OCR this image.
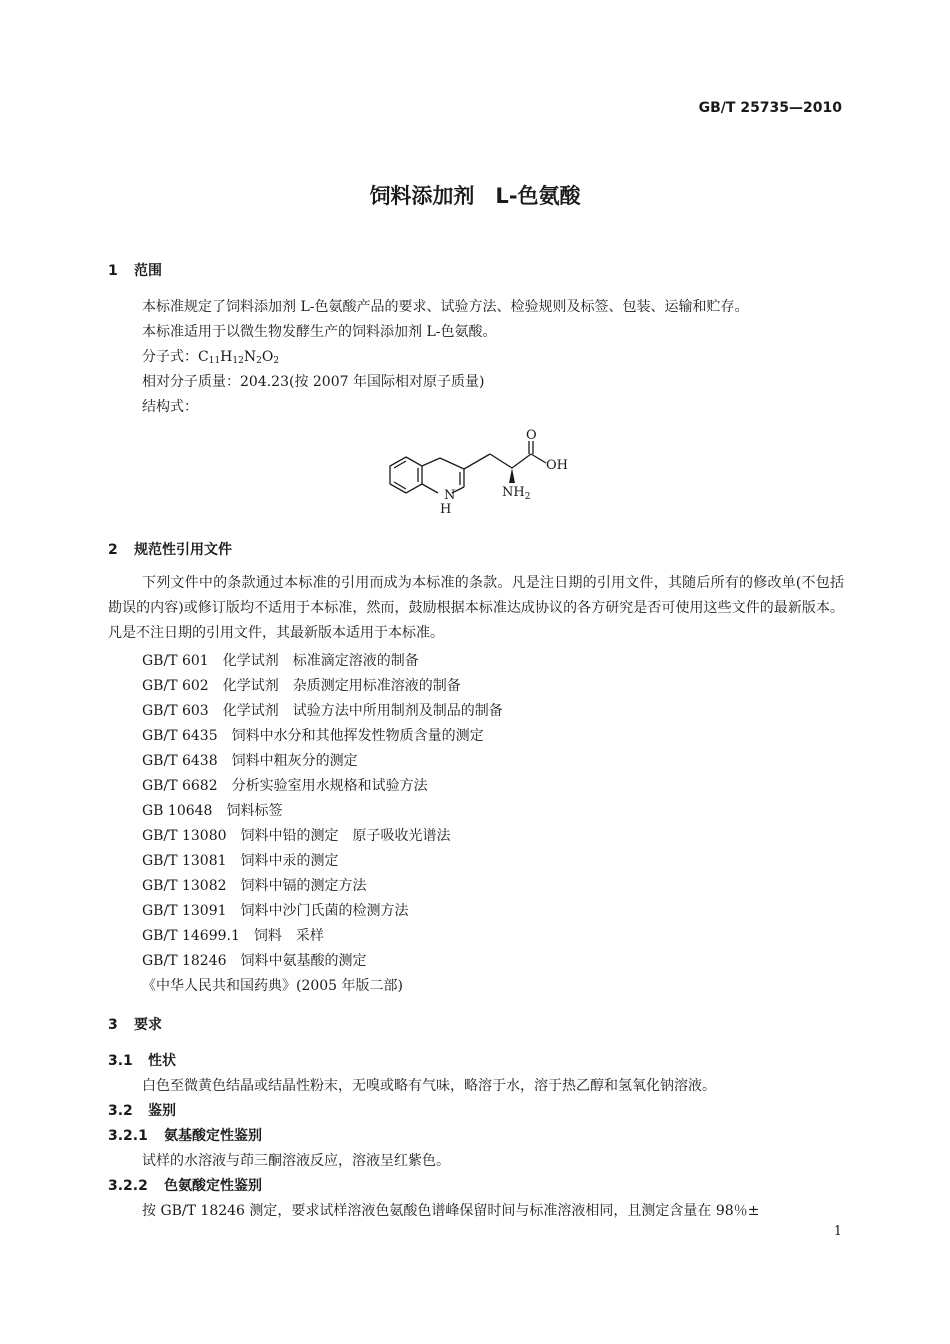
GB/T 25735—2010
饲料添加剂　L-色氨酸
1 范围
本标准规定了饲料添加剂 L-色氨酸产品的要求、试验方法、检验规则及标签、包装、运输和贮存。
本标准适用于以微生物发酵生产的饲料添加剂 L-色氨酸。
分子式：$C_{11}H_{12}N_2O_2$
相对分子质量：204.23(按 2007 年国际相对原子质量)
结构式：
N
H
O
OH
$NH_2$
2 规范性引用文件
下列文件中的条款通过本标准的引用而成为本标准的条款。凡是注日期的引用文件，其随后所有的修改单(不包括勘误的内容)或修订版均不适用于本标准，然而，鼓励根据本标准达成协议的各方研究是否可使用这些文件的最新版本。凡是不注日期的引用文件，其最新版本适用于本标准。
GB/T 601　化学试剂　标准滴定溶液的制备
GB/T 602　化学试剂　杂质测定用标准溶液的制备
GB/T 603　化学试剂　试验方法中所用制剂及制品的制备
GB/T 6435　饲料中水分和其他挥发性物质含量的测定
GB/T 6438　饲料中粗灰分的测定
GB/T 6682　分析实验室用水规格和试验方法
GB 10648　饲料标签
GB/T 13080　饲料中铅的测定　原子吸收光谱法
GB/T 13081　饲料中汞的测定
GB/T 13082　饲料中镉的测定方法
GB/T 13091　饲料中沙门氏菌的检测方法
GB/T 14699.1　饲料　采样
GB/T 18246　饲料中氨基酸的测定
《中华人民共和国药典》(2005 年版二部)
3 要求
3.1 性状
白色至微黄色结晶或结晶性粉末，无嗅或略有气味，略溶于水，溶于热乙醇和氢氧化钠溶液。
3.2 鉴别
3.2.1 氨基酸定性鉴别
试样的水溶液与茚三酮溶液反应，溶液呈红紫色。
3.2.2 色氨酸定性鉴别
按 GB/T 18246 测定，要求试样溶液色氨酸色谱峰保留时间与标准溶液相同，且测定含量在 98％±
1
